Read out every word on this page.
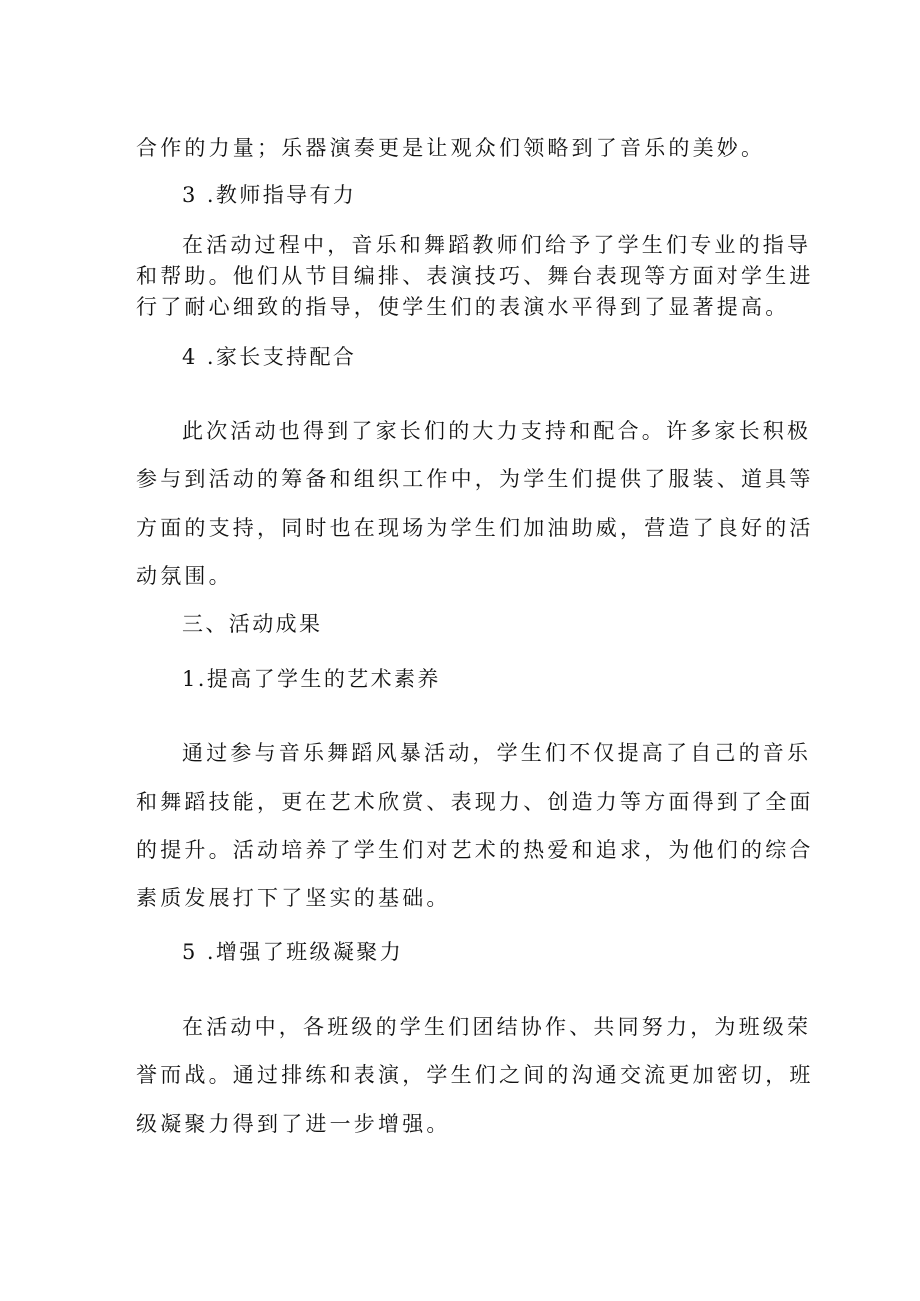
合作的力量；乐器演奏更是让观众们领略到了音乐的美妙。
3 .教师指导有力
在活动过程中，音乐和舞蹈教师们给予了学生们专业的指导
和帮助。他们从节目编排、表演技巧、舞台表现等方面对学生进
行了耐心细致的指导，使学生们的表演水平得到了显著提高。
4 .家长支持配合
此次活动也得到了家长们的大力支持和配合。许多家长积极
参与到活动的筹备和组织工作中，为学生们提供了服装、道具等
方面的支持，同时也在现场为学生们加油助威，营造了良好的活
动氛围。
三、活动成果
1.提高了学生的艺术素养
通过参与音乐舞蹈风暴活动，学生们不仅提高了自己的音乐
和舞蹈技能，更在艺术欣赏、表现力、创造力等方面得到了全面
的提升。活动培养了学生们对艺术的热爱和追求，为他们的综合
素质发展打下了坚实的基础。
5 .增强了班级凝聚力
在活动中，各班级的学生们团结协作、共同努力，为班级荣
誉而战。通过排练和表演，学生们之间的沟通交流更加密切，班
级凝聚力得到了进一步增强。
